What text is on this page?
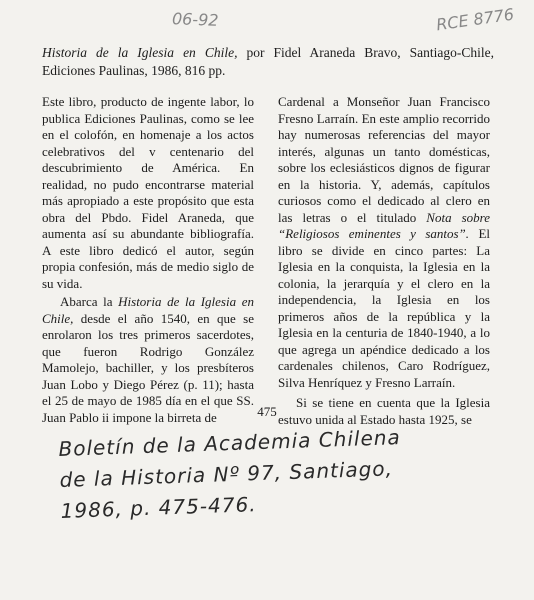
06-92	RCE 8776
Historia de la Iglesia en Chile, por Fidel Araneda Bravo, Santiago-Chile, Ediciones Paulinas, 1986, 816 pp.

Este libro, producto de ingente labor, lo publica Ediciones Paulinas, como se lee en el colofón, en homenaje a los actos celebrativos del v centenario del descubrimiento de América. En realidad, no pudo encontrarse material más apropiado a este propósito que esta obra del Pbdo. Fidel Araneda, que aumenta así su abundante bibliografía. A este libro dedicó el autor, según propia confesión, más de medio siglo de su vida.

Abarca la Historia de la Iglesia en Chile, desde el año 1540, en que se enrolaron los tres primeros sacerdotes, que fueron Rodrigo González Mamolejo, bachiller, y los presbíteros Juan Lobo y Diego Pérez (p. 11); hasta el 25 de mayo de 1985 día en el que SS. Juan Pablo ii impone la birreta de

Cardenal a Monseñor Juan Francisco Fresno Larraín. En este amplio recorrido hay numerosas referencias del mayor interés, algunas un tanto domésticas, sobre los eclesiásticos dignos de figurar en la historia. Y, además, capítulos curiosos como el dedicado al clero en las letras o el titulado Nota sobre “Religiosos eminentes y santos”. El libro se divide en cinco partes: La Iglesia en la conquista, la Iglesia en la colonia, la jerarquía y el clero en la independencia, la Iglesia en los primeros años de la república y la Iglesia en la centuria de 1840-1940, a lo que agrega un apéndice dedicado a los cardenales chilenos, Caro Rodríguez, Silva Henríquez y Fresno Larraín.

Si se tiene en cuenta que la Iglesia estuvo unida al Estado hasta 1925, se

475
Boletín de la Academia Chilena
de la Historia Nº 97, Santiago,
1986, p. 475-476.
